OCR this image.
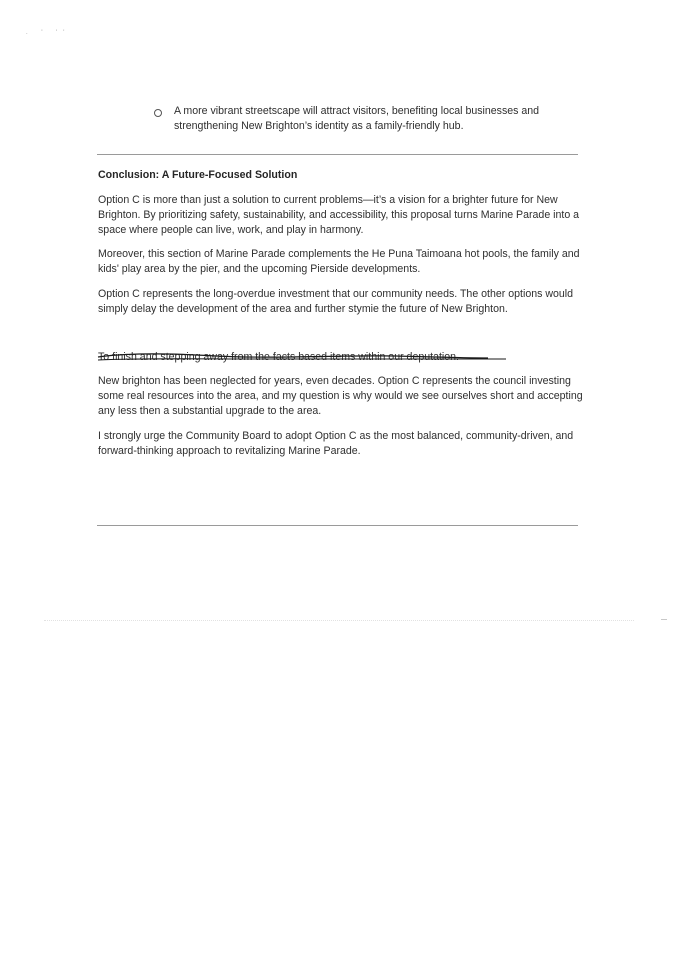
. ' ''
A more vibrant streetscape will attract visitors, benefiting local businesses and strengthening New Brighton’s identity as a family-friendly hub.
Conclusion: A Future-Focused Solution

Option C is more than just a solution to current problems—it’s a vision for a brighter future for New Brighton. By prioritizing safety, sustainability, and accessibility, this proposal turns Marine Parade into a space where people can live, work, and play in harmony.

Moreover, this section of Marine Parade complements the He Puna Taimoana hot pools, the family and kids' play area by the pier, and the upcoming Pierside developments.

Option C represents the long-overdue investment that our community needs. The other options would simply delay the development of the area and further stymie the future of New Brighton.

To finish and stepping away from the facts based items within our deputation.

New brighton has been neglected for years, even decades. Option C represents the council investing some real resources into the area, and my question is why would we see ourselves short and accepting any less then a substantial upgrade to the area.

I strongly urge the Community Board to adopt Option C as the most balanced, community-driven, and forward-thinking approach to revitalizing Marine Parade.
